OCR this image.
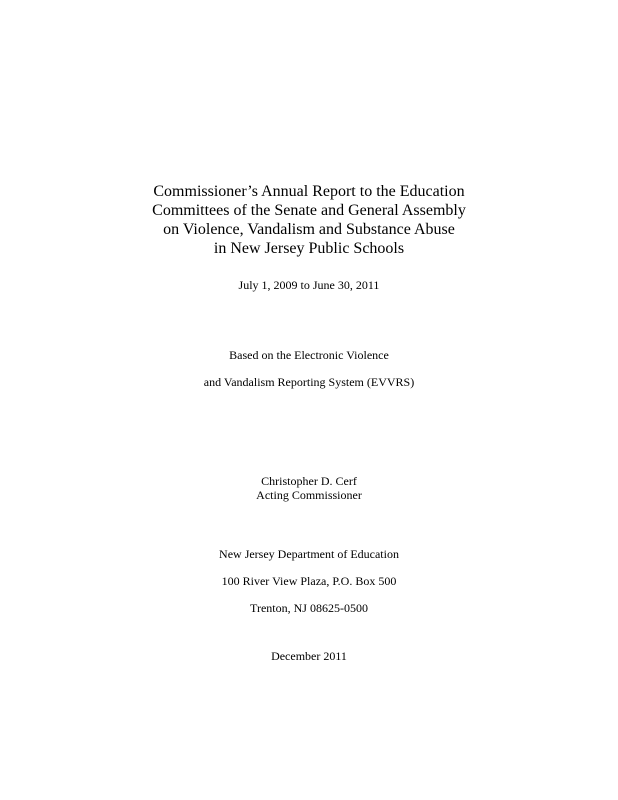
Commissioner’s Annual Report to the Education
Committees of the Senate and General Assembly
on Violence, Vandalism and Substance Abuse
in New Jersey Public Schools
July 1, 2009 to June 30, 2011
Based on the Electronic Violence
and Vandalism Reporting System (EVVRS)
Christopher D. Cerf
Acting Commissioner
New Jersey Department of Education
100 River View Plaza, P.O. Box 500
Trenton, NJ 08625-0500
December 2011
